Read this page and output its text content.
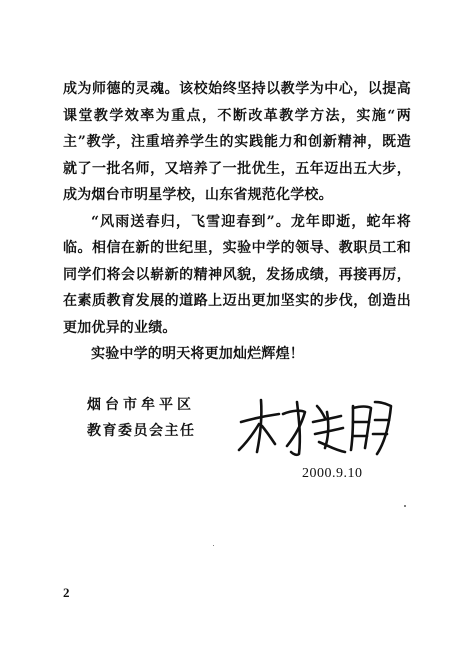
成为师德的灵魂。该校始终坚持以教学为中心，以提高课堂教学效率为重点，不断改革教学方法，实施“两主”教学，注重培养学生的实践能力和创新精神，既造就了一批名师，又培养了一批优生，五年迈出五大步，成为烟台市明星学校，山东省规范化学校。

“风雨送春归，飞雪迎春到”。龙年即逝，蛇年将临。相信在新的世纪里，实验中学的领导、教职员工和同学们将会以崭新的精神风貌，发扬成绩，再接再厉，在素质教育发展的道路上迈出更加坚实的步伐，创造出更加优异的业绩。

实验中学的明天将更加灿烂辉煌！

烟台市牟平区

教育委员会主任

2000.9.10
2
